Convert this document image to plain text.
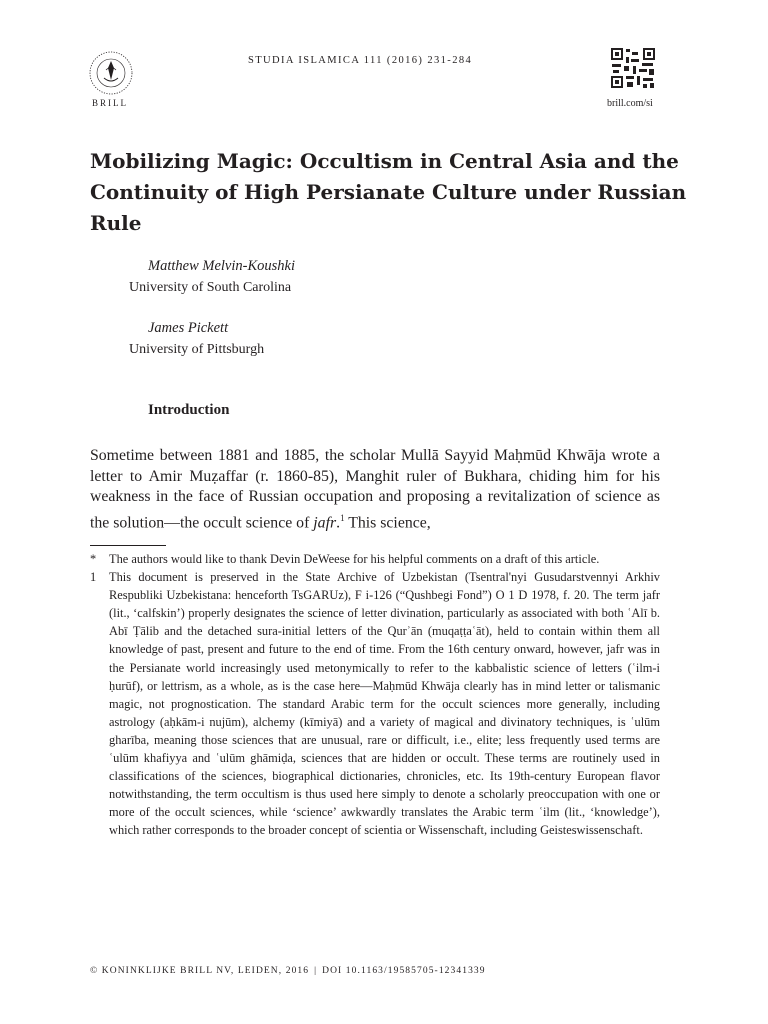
BRILL
STUDIA ISLAMICA 111 (2016) 231-284
brill.com/si
Mobilizing Magic: Occultism in Central Asia and the Continuity of High Persianate Culture under Russian Rule
Matthew Melvin-Koushki
University of South Carolina
James Pickett
University of Pittsburgh
Introduction

Sometime between 1881 and 1885, the scholar Mullā Sayyid Maḥmūd Khwāja wrote a letter to Amir Muẓaffar (r. 1860-85), Manghit ruler of Bukhara, chiding him for his weakness in the face of Russian occupation and proposing a revitalization of science as the solution—the occult science of jafr.$^1$ This science,

* The authors would like to thank Devin DeWeese for his helpful comments on a draft of this article.
1 This document is preserved in the State Archive of Uzbekistan (Tsentral'nyi Gusudarstvennyi Arkhiv Respubliki Uzbekistana: henceforth TsGARUz), F i-126 (“Qushbegi Fond”) O 1 D 1978, f. 20. The term jafr (lit., ‘calfskin’) properly designates the science of letter divination, particularly as associated with both ʿAlī b. Abī Ṭālib and the detached sura-initial letters of the Qurʾān (muqaṭṭaʿāt), held to contain within them all knowledge of past, present and future to the end of time. From the 16th century onward, however, jafr was in the Persianate world increasingly used metonymically to refer to the kabbalistic science of letters (ʿilm-i ḥurūf), or lettrism, as a whole, as is the case here—Maḥmūd Khwāja clearly has in mind letter or talismanic magic, not prognostication. The standard Arabic term for the occult sciences more generally, including astrology (aḥkām-i nujūm), alchemy (kīmiyā) and a variety of magical and divinatory techniques, is ʿulūm gharība, meaning those sciences that are unusual, rare or difficult, i.e., elite; less frequently used terms are ʿulūm khafiyya and ʿulūm ghāmiḍa, sciences that are hidden or occult. These terms are routinely used in classifications of the sciences, biographical dictionaries, chronicles, etc. Its 19th-century European flavor notwithstanding, the term occultism is thus used here simply to denote a scholarly preoccupation with one or more of the occult sciences, while ‘science’ awkwardly translates the Arabic term ʿilm (lit., ‘knowledge’), which rather corresponds to the broader concept of scientia or Wissenschaft, including Geisteswissenschaft.
© KONINKLIJKE BRILL NV, LEIDEN, 2016 | DOI 10.1163/19585705-12341339
